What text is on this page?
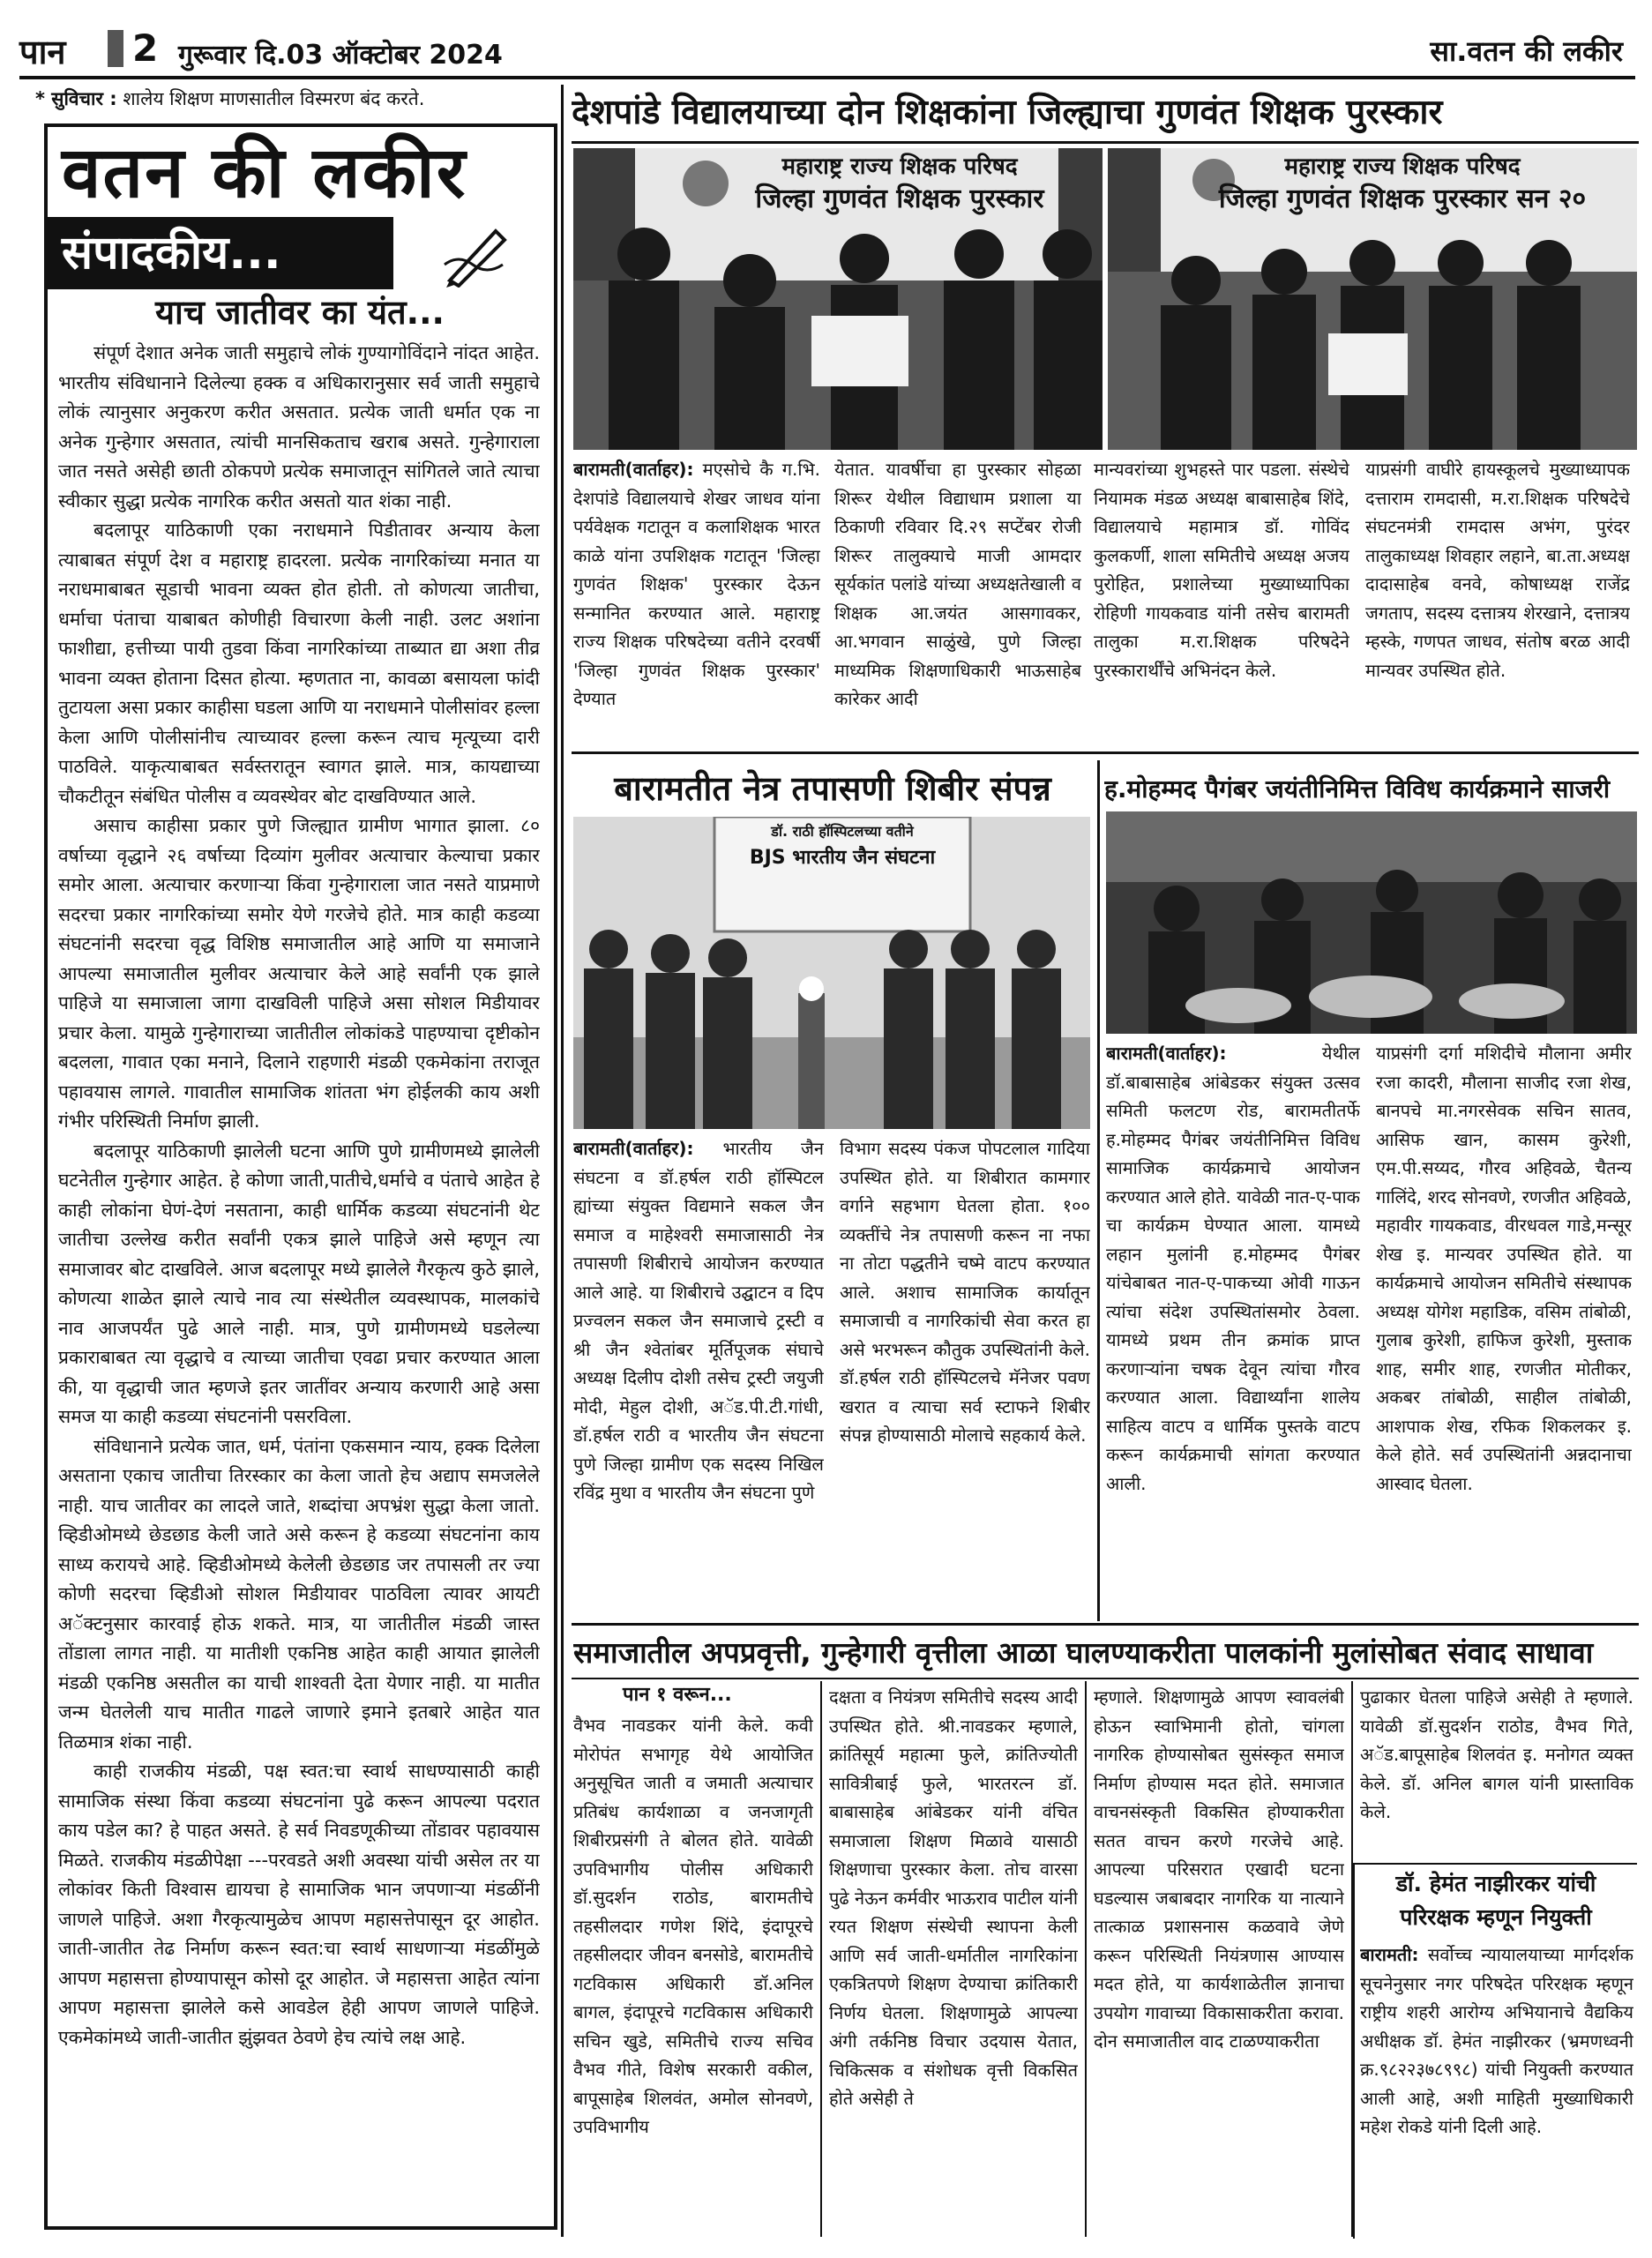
पान 2 गुरूवार दि.03 ऑक्टोबर 2024	सा.वतन की लकीर
* सुविचार : शालेय शिक्षण माणसातील विस्मरण बंद करते.
वतन की लकीर
संपादकीय...
याच जातीवर का यंत...

संपूर्ण देशात अनेक जाती समुहाचे लोकं गुण्यागोविंदाने नांदत आहेत. भारतीय संविधानाने दिलेल्या हक्क व अधिकारानुसार सर्व जाती समुहाचे लोकं त्यानुसार अनुकरण करीत असतात. प्रत्येक जाती धर्मात एक ना अनेक गुन्हेगार असतात, त्यांची मानसिकताच खराब असते. गुन्हेगाराला जात नसते असेही छाती ठोकपणे प्रत्येक समाजातून सांगितले जाते त्याचा स्वीकार सुद्धा प्रत्येक नागरिक करीत असतो यात शंका नाही.

बदलापूर याठिकाणी एका नराधमाने पिडीतावर अन्याय केला त्याबाबत संपूर्ण देश व महाराष्ट्र हादरला. प्रत्येक नागरिकांच्या मनात या नराधमाबाबत सूडाची भावना व्यक्त होत होती. तो कोणत्या जातीचा, धर्माचा पंताचा याबाबत कोणीही विचारणा केली नाही. उलट अशांना फाशीद्या, हत्तीच्या पायी तुडवा किंवा नागरिकांच्या ताब्यात द्या अशा तीव्र भावना व्यक्त होताना दिसत होत्या. म्हणतात ना, कावळा बसायला फांदी तुटायला असा प्रकार काहीसा घडला आणि या नराधमाने पोलीसांवर हल्ला केला आणि पोलीसांनीच त्याच्यावर हल्ला करून त्याच मृत्यूच्या दारी पाठविले. याकृत्याबाबत सर्वस्तरातून स्वागत झाले. मात्र, कायद्याच्या चौकटीतून संबंधित पोलीस व व्यवस्थेवर बोट दाखविण्यात आले.

असाच काहीसा प्रकार पुणे जिल्ह्यात ग्रामीण भागात झाला. ८० वर्षाच्या वृद्धाने २६ वर्षाच्या दिव्यांग मुलीवर अत्याचार केल्याचा प्रकार समोर आला. अत्याचार करणाऱ्या किंवा गुन्हेगाराला जात नसते याप्रमाणे सदरचा प्रकार नागरिकांच्या समोर येणे गरजेचे होते. मात्र काही कडव्या संघटनांनी सदरचा वृद्ध विशिष्ठ समाजातील आहे आणि या समाजाने आपल्या समाजातील मुलीवर अत्याचार केले आहे सर्वांनी एक झाले पाहिजे या समाजाला जागा दाखविली पाहिजे असा सोशल मिडीयावर प्रचार केला. यामुळे गुन्हेगाराच्या जातीतील लोकांकडे पाहण्याचा दृष्टीकोन बदलला, गावात एका मनाने, दिलाने राहणारी मंडळी एकमेकांना तराजूत पहावयास लागले. गावातील सामाजिक शांतता भंग होईलकी काय अशी गंभीर परिस्थिती निर्माण झाली.

बदलापूर याठिकाणी झालेली घटना आणि पुणे ग्रामीणमध्ये झालेली घटनेतील गुन्हेगार आहेत. हे कोणा जाती,पातीचे,धर्माचे व पंताचे आहेत हे काही लोकांना घेणं-देणं नसताना, काही धार्मिक कडव्या संघटनांनी थेट जातीचा उल्लेख करीत सर्वांनी एकत्र झाले पाहिजे असे म्हणून त्या समाजावर बोट दाखविले. आज बदलापूर मध्ये झालेले गैरकृत्य कुठे झाले, कोणत्या शाळेत झाले त्याचे नाव त्या संस्थेतील व्यवस्थापक, मालकांचे नाव आजपर्यंत पुढे आले नाही. मात्र, पुणे ग्रामीणमध्ये घडलेल्या प्रकाराबाबत त्या वृद्धाचे व त्याच्या जातीचा एवढा प्रचार करण्यात आला की, या वृद्धाची जात म्हणजे इतर जातींवर अन्याय करणारी आहे असा समज या काही कडव्या संघटनांनी पसरविला.

संविधानाने प्रत्येक जात, धर्म, पंतांना एकसमान न्याय, हक्क दिलेला असताना एकाच जातीचा तिरस्कार का केला जातो हेच अद्याप समजलेले नाही. याच जातीवर का लादले जाते, शब्दांचा अपभ्रंश सुद्धा केला जातो. व्हिडीओमध्ये छेडछाड केली जाते असे करून हे कडव्या संघटनांना काय साध्य करायचे आहे. व्हिडीओमध्ये केलेली छेडछाड जर तपासली तर ज्या कोणी सदरचा व्हिडीओ सोशल मिडीयावर पाठविला त्यावर आयटी अॅक्टनुसार कारवाई होऊ शकते. मात्र, या जातीतील मंडळी जास्त तोंडाला लागत नाही. या मातीशी एकनिष्ठ आहेत काही आयात झालेली मंडळी एकनिष्ठ असतील का याची शाश्वती देता येणार नाही. या मातीत जन्म घेतलेली याच मातीत गाढले जाणारे इमाने इतबारे आहेत यात तिळमात्र शंका नाही.

काही राजकीय मंडळी, पक्ष स्वत:चा स्वार्थ साधण्यासाठी काही सामाजिक संस्था किंवा कडव्या संघटनांना पुढे करून आपल्या पदरात काय पडेल का? हे पाहत असते. हे सर्व निवडणूकीच्या तोंडावर पहावयास मिळते. राजकीय मंडळीपेक्षा ---परवडते अशी अवस्था यांची असेल तर या लोकांवर किती विश्वास द्यायचा हे सामाजिक भान जपणाऱ्या मंडळींनी जाणले पाहिजे. अशा गैरकृत्यामुळेच आपण महासत्तेपासून दूर आहोत. जाती-जातीत तेढ निर्माण करून स्वत:चा स्वार्थ साधणाऱ्या मंडळींमुळे आपण महासत्ता होण्यापासून कोसो दूर आहोत. जे महासत्ता आहेत त्यांना आपण महासत्ता झालेले कसे आवडेल हेही आपण जाणले पाहिजे. एकमेकांमध्ये जाती-जातीत झुंझवत ठेवणे हेच त्यांचे लक्ष आहे.

देशपांडे विद्यालयाच्या दोन शिक्षकांना जिल्ह्याचा गुणवंत शिक्षक पुरस्कार
महाराष्ट्र राज्य शिक्षक परिषद
जिल्हा गुणवंत शिक्षक पुरस्कार
महाराष्ट्र राज्य शिक्षक परिषद
जिल्हा गुणवंत शिक्षक पुरस्कार सन २०
बारामती(वार्ताहर): मएसोचे कै ग.भि. देशपांडे विद्यालयाचे शेखर जाधव यांना पर्यवेक्षक गटातून व कलाशिक्षक भारत काळे यांना उपशिक्षक गटातून 'जिल्हा गुणवंत शिक्षक' पुरस्कार देऊन सन्मानित करण्यात आले. महाराष्ट्र राज्य शिक्षक परिषदेच्या वतीने दरवर्षी 'जिल्हा गुणवंत शिक्षक पुरस्कार' देण्यात
येतात. यावर्षीचा हा पुरस्कार सोहळा शिरूर येथील विद्याधाम प्रशाला या ठिकाणी रविवार दि.२९ सप्टेंबर रोजी शिरूर तालुक्याचे माजी आमदार सूर्यकांत पलांडे यांच्या अध्यक्षतेखाली व शिक्षक आ.जयंत आसगावकर, आ.भगवान साळुंखे, पुणे जिल्हा माध्यमिक शिक्षणाधिकारी भाऊसाहेब कारेकर आदी
मान्यवरांच्या शुभहस्ते पार पडला. संस्थेचे नियामक मंडळ अध्यक्ष बाबासाहेब शिंदे, विद्यालयाचे महामात्र डॉ. गोविंद कुलकर्णी, शाला समितीचे अध्यक्ष अजय पुरोहित, प्रशालेच्या मुख्याध्यापिका रोहिणी गायकवाड यांनी तसेच बारामती तालुका म.रा.शिक्षक परिषदेने पुरस्कारार्थींचे अभिनंदन केले.
याप्रसंगी वाघीरे हायस्कूलचे मुख्याध्यापक दत्ताराम रामदासी, म.रा.शिक्षक परिषदेचे संघटनमंत्री रामदास अभंग, पुरंदर तालुकाध्यक्ष शिवहार लहाने, बा.ता.अध्यक्ष दादासाहेब वनवे, कोषाध्यक्ष राजेंद्र जगताप, सदस्य दत्तात्रय शेरखाने, दत्तात्रय म्हस्के, गणपत जाधव, संतोष बरळ आदी मान्यवर उपस्थित होते.
बारामतीत नेत्र तपासणी शिबीर संपन्न
डॉ. राठी हॉस्पिटलच्या वतीने
BJS भारतीय जैन संघटना
बारामती(वार्ताहर): भारतीय जैन संघटना व डॉ.हर्षल राठी हॉस्पिटल ह्यांच्या संयुक्त विद्यमाने सकल जैन समाज व माहेश्वरी समाजासाठी नेत्र तपासणी शिबीराचे आयोजन करण्यात आले आहे. या शिबीराचे उद्घाटन व दिप प्रज्वलन सकल जैन समाजाचे ट्रस्टी व श्री जैन श्वेतांबर मूर्तिपूजक संघाचे अध्यक्ष दिलीप दोशी तसेच ट्रस्टी जयुजी मोदी, मेहुल दोशी, अॅड.पी.टी.गांधी, डॉ.हर्षल राठी व भारतीय जैन संघटना पुणे जिल्हा ग्रामीण एक सदस्य निखिल रविंद्र मुथा व भारतीय जैन संघटना पुणे
विभाग सदस्य पंकज पोपटलाल गादिया उपस्थित होते. या शिबीरात कामगार वर्गाने सहभाग घेतला होता. १०० व्यक्तींचे नेत्र तपासणी करून ना नफा ना तोटा पद्धतीने चष्मे वाटप करण्यात आले. अशाच सामाजिक कार्यातून समाजाची व नागरिकांची सेवा करत हा असे भरभरून कौतुक उपस्थितांनी केले. डॉ.हर्षल राठी हॉस्पिटलचे मॅनेजर पवण खरात व त्याचा सर्व स्टाफने शिबीर संपन्न होण्यासाठी मोलाचे सहकार्य केले.
ह.मोहम्मद पैगंबर जयंतीनिमित्त विविध कार्यक्रमाने साजरी
बारामती(वार्ताहर):	येथील डॉ.बाबासाहेब आंबेडकर संयुक्त उत्सव समिती फलटण रोड, बारामतीतर्फे ह.मोहम्मद पैगंबर जयंतीनिमित्त विविध सामाजिक कार्यक्रमाचे आयोजन करण्यात आले होते. यावेळी नात-ए-पाक चा कार्यक्रम घेण्यात आला. यामध्ये लहान मुलांनी ह.मोहम्मद पैगंबर यांचेबाबत नात-ए-पाकच्या ओवी गाऊन त्यांचा संदेश उपस्थितांसमोर ठेवला. यामध्ये प्रथम तीन क्रमांक प्राप्त करणाऱ्यांना चषक देवून त्यांचा गौरव करण्यात आला. विद्यार्थ्यांना शालेय साहित्य वाटप व धार्मिक पुस्तके वाटप करून कार्यक्रमाची सांगता करण्यात आली.
याप्रसंगी दर्गा मशिदीचे मौलाना अमीर रजा कादरी, मौलाना साजीद रजा शेख, बानपचे मा.नगरसेवक सचिन सातव, आसिफ खान, कासम कुरेशी, एम.पी.सय्यद, गौरव अहिवळे, चैतन्य गालिंदे, शरद सोनवणे, रणजीत अहिवळे, महावीर गायकवाड, वीरधवल गाडे,मन्सूर शेख इ. मान्यवर उपस्थित होते. या कार्यक्रमाचे आयोजन समितीचे संस्थापक अध्यक्ष योगेश महाडिक, वसिम तांबोळी, गुलाब कुरेशी, हाफिज कुरेशी, मुस्ताक शाह, समीर शाह, रणजीत मोतीकर, अकबर तांबोळी, साहील तांबोळी, आशपाक शेख, रफिक शिकलकर इ. केले होते. सर्व उपस्थितांनी अन्नदानाचा आस्वाद घेतला.
समाजातील अपप्रवृत्ती, गुन्हेगारी वृत्तीला आळा घालण्याकरीता पालकांनी मुलांसोबत संवाद साधावा
पान १ वरून...
वैभव नावडकर यांनी केले. कवी मोरोपंत सभागृह येथे आयोजित अनुसूचित जाती व जमाती अत्याचार प्रतिबंध कार्यशाळा व जनजागृती शिबीरप्रसंगी ते बोलत होते. यावेळी उपविभागीय पोलीस अधिकारी डॉ.सुदर्शन राठोड, बारामतीचे तहसीलदार गणेश शिंदे, इंदापूरचे तहसीलदार जीवन बनसोडे, बारामतीचे गटविकास अधिकारी डॉ.अनिल बागल, इंदापूरचे गटविकास अधिकारी सचिन खुडे, समितीचे राज्य सचिव वैभव गीते, विशेष सरकारी वकील, बापूसाहेब शिलवंत, अमोल सोनवणे, उपविभागीय
दक्षता व नियंत्रण समितीचे सदस्य आदी उपस्थित होते. श्री.नावडकर म्हणाले, क्रांतिसूर्य महात्मा फुले, क्रांतिज्योती सावित्रीबाई फुले, भारतरत्न डॉ. बाबासाहेब आंबेडकर यांनी वंचित समाजाला शिक्षण मिळावे यासाठी शिक्षणाचा पुरस्कार केला. तोच वारसा पुढे नेऊन कर्मवीर भाऊराव पाटील यांनी रयत शिक्षण संस्थेची स्थापना केली आणि सर्व जाती-धर्मातील नागरिकांना एकत्रितपणे शिक्षण देण्याचा क्रांतिकारी निर्णय घेतला. शिक्षणामुळे आपल्या अंगी तर्कनिष्ठ विचार उदयास येतात, चिकित्सक व संशोधक वृत्ती विकसित होते असेही ते
म्हणाले. शिक्षणामुळे आपण स्वावलंबी होऊन स्वाभिमानी होतो, चांगला नागरिक होण्यासोबत सुसंस्कृत समाज निर्माण होण्यास मदत होते. समाजात वाचनसंस्कृती विकसित होण्याकरीता सतत वाचन करणे गरजेचे आहे. आपल्या परिसरात एखादी घटना घडल्यास जबाबदार नागरिक या नात्याने तात्काळ प्रशासनास कळवावे जेणे करून परिस्थिती नियंत्रणास आण्यास मदत होते, या कार्यशाळेतील ज्ञानाचा उपयोग गावाच्या विकासाकरीता करावा. दोन समाजातील वाद टाळण्याकरीता
पुढाकार घेतला पाहिजे असेही ते म्हणाले. यावेळी डॉ.सुदर्शन राठोड, वैभव गिते, अॅड.बापूसाहेब शिलवंत इ. मनोगत व्यक्त केले. डॉ. अनिल बागल यांनी प्रास्ताविक केले.
डॉ. हेमंत नाझीरकर यांची
परिरक्षक म्हणून नियुक्ती
बारामती: सर्वोच्च न्यायालयाच्या मार्गदर्शक सूचनेनुसार नगर परिषदेत परिरक्षक म्हणून राष्ट्रीय शहरी आरोग्य अभियानाचे वैद्यकिय अधीक्षक डॉ. हेमंत नाझीरकर (भ्रमणध्वनी क्र.९८२२३७८९९८) यांची नियुक्ती करण्यात आली आहे, अशी माहिती मुख्याधिकारी महेश रोकडे यांनी दिली आहे.
